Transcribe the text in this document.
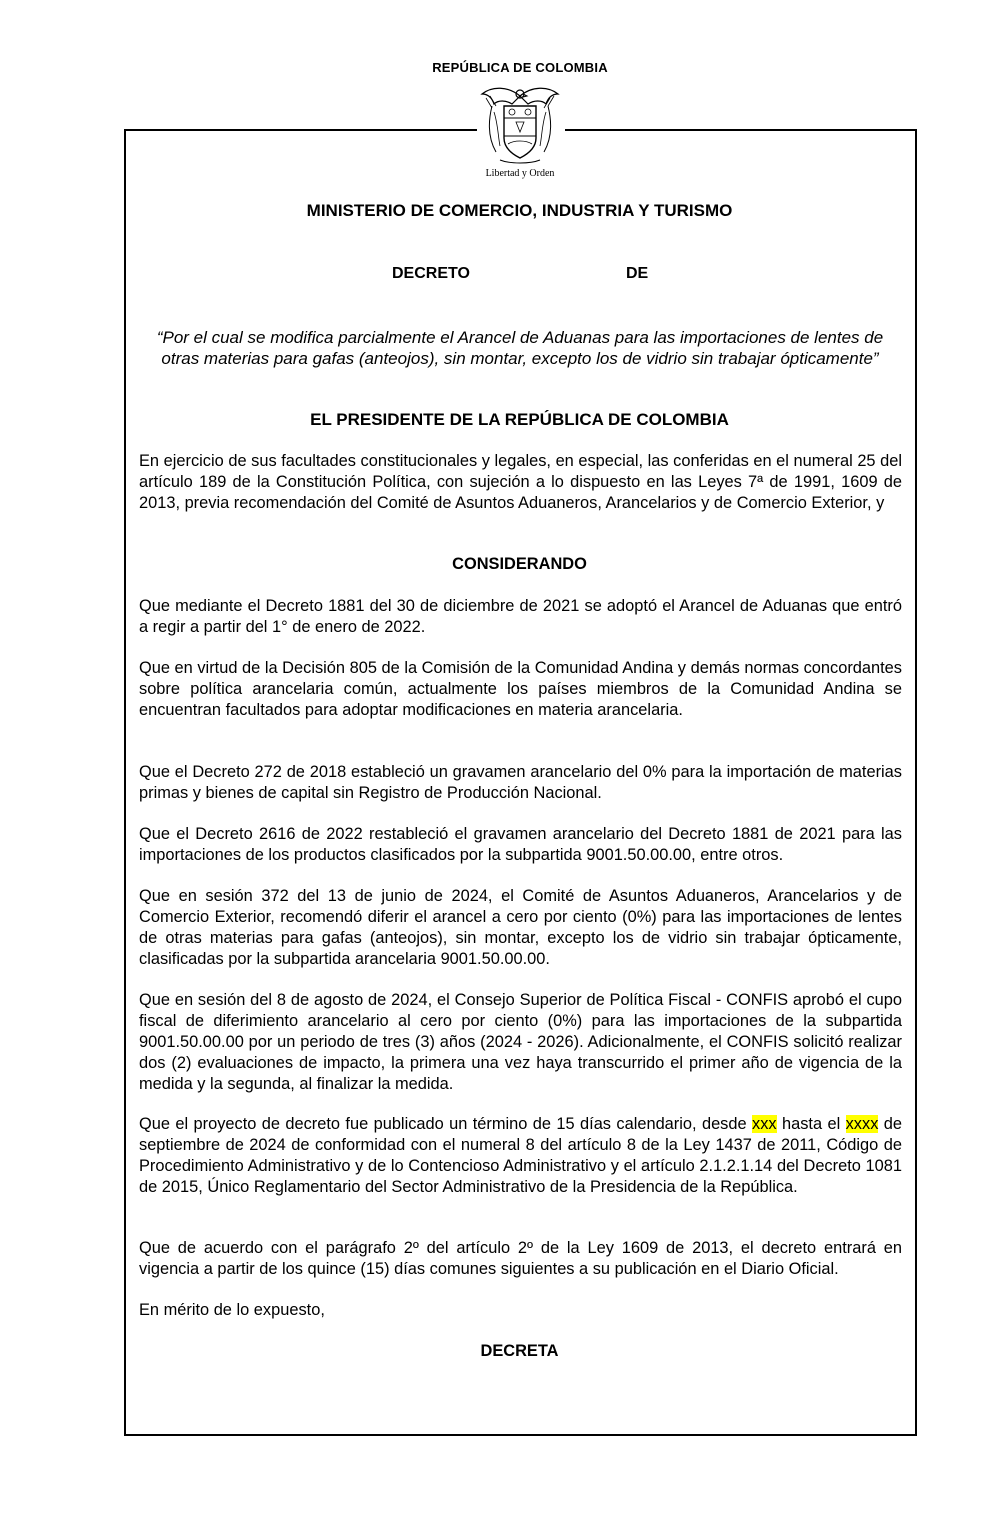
REPÚBLICA DE COLOMBIA
Libertad y Orden
MINISTERIO DE COMERCIO, INDUSTRIA Y TURISMO
DECRETO	DE
“Por el cual se modifica parcialmente el Arancel de Aduanas para las importaciones de lentes de otras materias para gafas (anteojos), sin montar, excepto los de vidrio sin trabajar ópticamente”
EL PRESIDENTE DE LA REPÚBLICA DE COLOMBIA

En ejercicio de sus facultades constitucionales y legales, en especial, las conferidas en el numeral 25 del artículo 189 de la Constitución Política, con sujeción a lo dispuesto en las Leyes 7ª de 1991, 1609 de 2013, previa recomendación del Comité de Asuntos Aduaneros, Arancelarios y de Comercio Exterior, y

CONSIDERANDO

Que mediante el Decreto 1881 del 30 de diciembre de 2021 se adoptó el Arancel de Aduanas que entró a regir a partir del 1° de enero de 2022.

Que en virtud de la Decisión 805 de la Comisión de la Comunidad Andina y demás normas concordantes sobre política arancelaria común, actualmente los países miembros de la Comunidad Andina se encuentran facultados para adoptar modificaciones en materia arancelaria.

Que el Decreto 272 de 2018 estableció un gravamen arancelario del 0% para la importación de materias primas y bienes de capital sin Registro de Producción Nacional.

Que el Decreto 2616 de 2022 restableció el gravamen arancelario del Decreto 1881 de 2021 para las importaciones de los productos clasificados por la subpartida 9001.50.00.00, entre otros.

Que en sesión 372 del 13 de junio de 2024, el Comité de Asuntos Aduaneros, Arancelarios y de Comercio Exterior, recomendó diferir el arancel a cero por ciento (0%) para las importaciones de lentes de otras materias para gafas (anteojos), sin montar, excepto los de vidrio sin trabajar ópticamente, clasificadas por la subpartida arancelaria 9001.50.00.00.

Que en sesión del 8 de agosto de 2024, el Consejo Superior de Política Fiscal - CONFIS aprobó el cupo fiscal de diferimiento arancelario al cero por ciento (0%) para las importaciones de la subpartida 9001.50.00.00 por un periodo de tres (3) años (2024 - 2026). Adicionalmente, el CONFIS solicitó realizar dos (2) evaluaciones de impacto, la primera una vez haya transcurrido el primer año de vigencia de la medida y la segunda, al finalizar la medida.

Que el proyecto de decreto fue publicado un término de 15 días calendario, desde xxx hasta el xxxx de septiembre de 2024 de conformidad con el numeral 8 del artículo 8 de la Ley 1437 de 2011, Código de Procedimiento Administrativo y de lo Contencioso Administrativo y el artículo 2.1.2.1.14 del Decreto 1081 de 2015, Único Reglamentario del Sector Administrativo de la Presidencia de la República.

Que de acuerdo con el parágrafo 2º del artículo 2º de la Ley 1609 de 2013, el decreto entrará en vigencia a partir de los quince (15) días comunes siguientes a su publicación en el Diario Oficial.

En mérito de lo expuesto,

DECRETA
